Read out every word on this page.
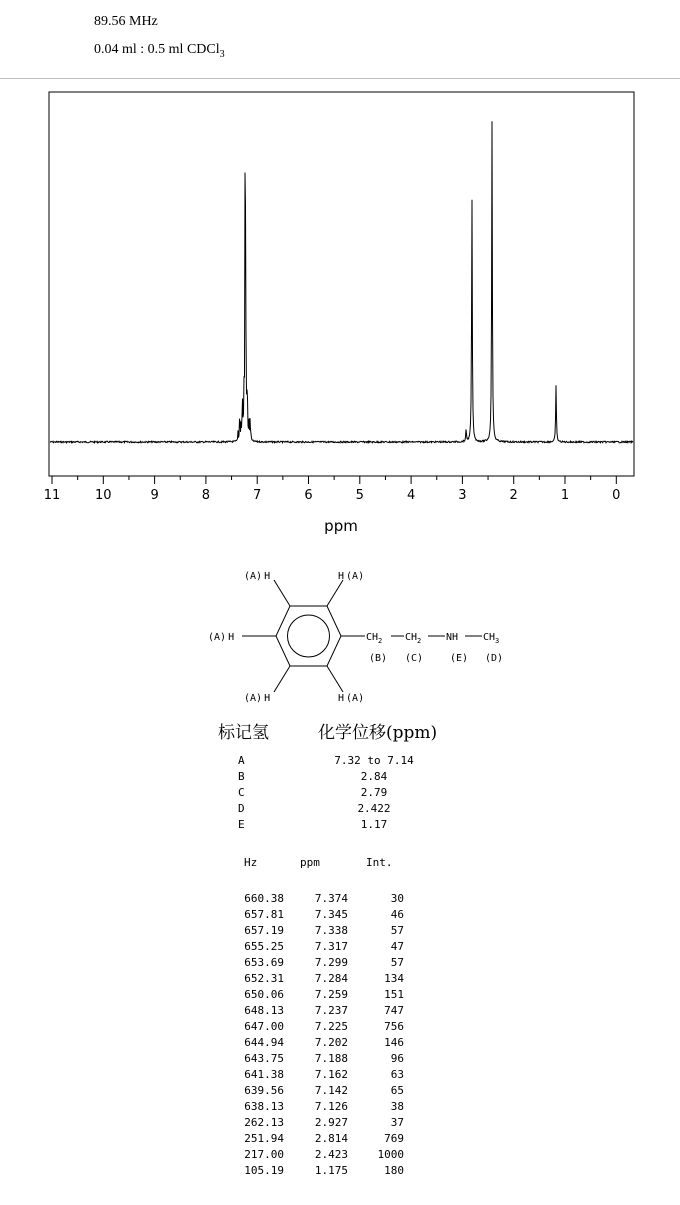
89.56 MHz
0.04 ml : 0.5 ml CDCl$_3$
11	10	9	8	7	6	5	4	3	2	1	0
ppm
(A) H	H (A)
(A) H
(A) H	H (A)
$CH_2$ $CH_2$ NH $CH_3$
(B) (C)	(E) (D)
标记氢	化学位移(ppm)
A	7.32 to 7.14
B	2.84
C	2.79
D	2.422
E	1.17
Hz	ppm	Int.
660.38	7.374	30
657.81	7.345	46
657.19	7.338	57
655.25	7.317	47
653.69	7.299	57
652.31	7.284	134
650.06	7.259	151
648.13	7.237	747
647.00	7.225	756
644.94	7.202	146
643.75	7.188	96
641.38	7.162	63
639.56	7.142	65
638.13	7.126	38
262.13	2.927	37
251.94	2.814	769
217.00	2.423	1000
105.19	1.175	180
